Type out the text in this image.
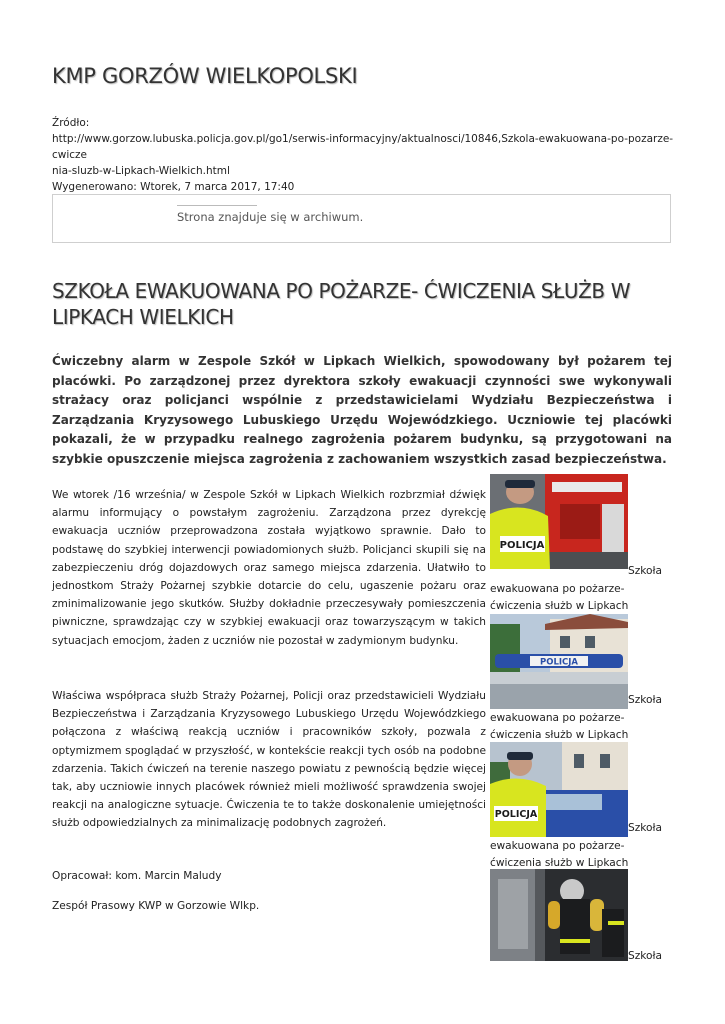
KMP GORZÓW WIELKOPOLSKI
Źródło:
http://www.gorzow.lubuska.policja.gov.pl/go1/serwis-informacyjny/aktualnosci/10846,Szkola-ewakuowana-po-pozarze-cwicze
nia-sluzb-w-Lipkach-Wielkich.html
Wygenerowano: Wtorek, 7 marca 2017, 17:40
Strona znajduje się w archiwum.
SZKOŁA EWAKUOWANA PO POŻARZE- ĆWICZENIA SŁUŻB W LIPKACH WIELKICH

Ćwiczebny alarm w Zespole Szkół w Lipkach Wielkich, spowodowany był pożarem tej placówki. Po zarządzonej przez dyrektora szkoły ewakuacji czynności swe wykonywali strażacy oraz policjanci wspólnie z przedstawicielami Wydziału Bezpieczeństwa i Zarządzania Kryzysowego Lubuskiego Urzędu Wojewódzkiego. Uczniowie tej placówki pokazali, że w przypadku realnego zagrożenia pożarem budynku, są przygotowani na szybkie opuszczenie miejsca zagrożenia z zachowaniem wszystkich zasad bezpieczeństwa.

We wtorek /16 września/ w Zespole Szkół w Lipkach Wielkich rozbrzmiał dźwięk alarmu informujący o powstałym zagrożeniu. Zarządzona przez dyrekcję ewakuacja uczniów przeprowadzona została wyjątkowo sprawnie. Dało to podstawę do szybkiej interwencji powiadomionych służb. Policjanci skupili się na zabezpieczeniu dróg dojazdowych oraz samego miejsca zdarzenia. Ułatwiło to jednostkom Straży Pożarnej szybkie dotarcie do celu, ugaszenie pożaru oraz zminimalizowanie jego skutków. Służby dokładnie przeczesywały pomieszczenia piwniczne, sprawdzając czy w szybkiej ewakuacji oraz towarzyszącym w takich sytuacjach emocjom, żaden z uczniów nie pozostał w zadymionym budynku.

Właściwa współpraca służb Straży Pożarnej, Policji oraz przedstawicieli Wydziału Bezpieczeństwa i Zarządzania Kryzysowego Lubuskiego Urzędu Wojewódzkiego połączona z właściwą reakcją uczniów i pracowników szkoły, pozwala z optymizmem spoglądać w przyszłość, w kontekście reakcji tych osób na podobne zdarzenia. Takich ćwiczeń na terenie naszego powiatu z pewnością będzie więcej tak, aby uczniowie innych placówek również mieli możliwość sprawdzenia swojej reakcji na analogiczne sytuacje. Ćwiczenia te to także doskonalenie umiejętności służb odpowiedzialnych za minimalizację podobnych zagrożeń.

Opracował: kom. Marcin Maludy

Zespół Prasowy KWP w Gorzowie Wlkp.

POLICJA
Szkoła
ewakuowana po pożarze- ćwiczenia służb w Lipkach
POLICJA
Szkoła
ewakuowana po pożarze- ćwiczenia służb w Lipkach
POLICJA
Szkoła
ewakuowana po pożarze- ćwiczenia służb w Lipkach
Szkoła
